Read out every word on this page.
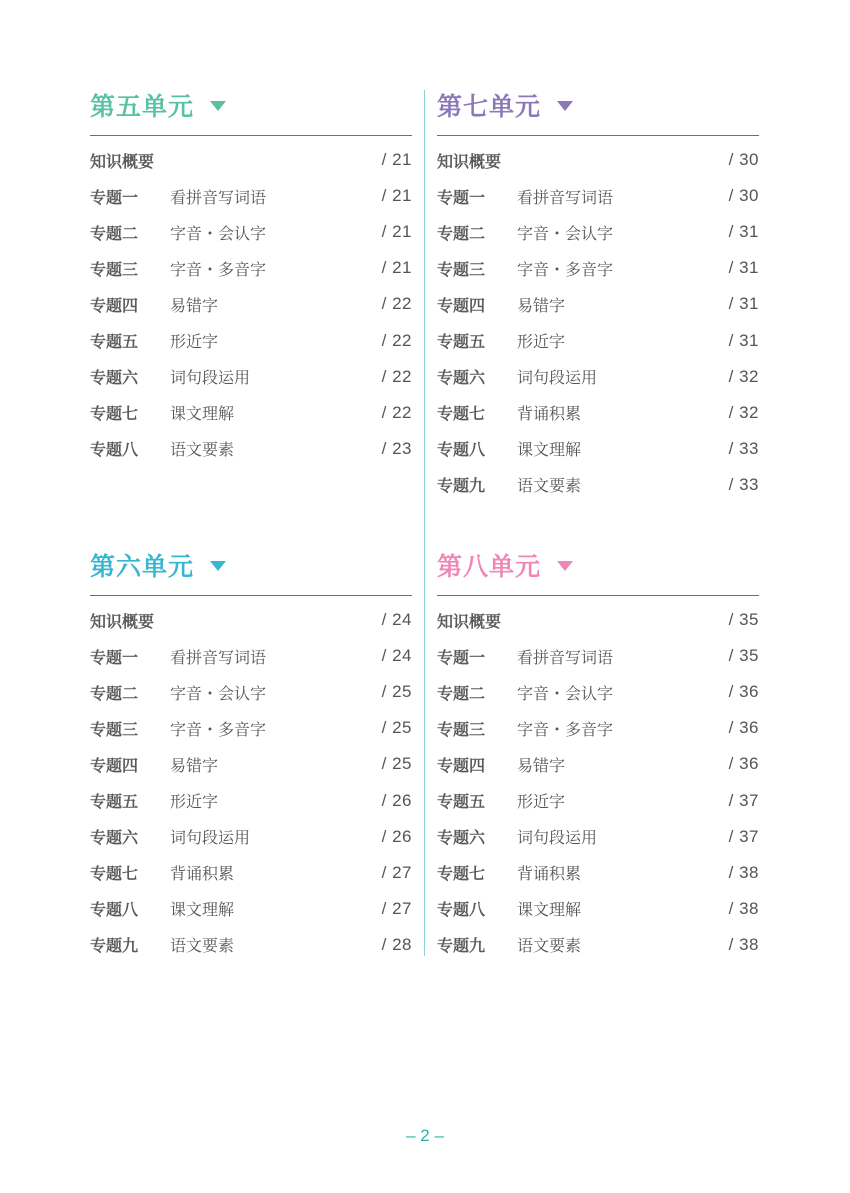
第五单元
知识概要	/ 21
专题一	看拼音写词语	/ 21
专题二	字音・会认字	/ 21
专题三	字音・多音字	/ 21
专题四	易错字	/ 22
专题五	形近字	/ 22
专题六	词句段运用	/ 22
专题七	课文理解	/ 22
专题八	语文要素	/ 23
第七单元
知识概要	/ 30
专题一	看拼音写词语	/ 30
专题二	字音・会认字	/ 31
专题三	字音・多音字	/ 31
专题四	易错字	/ 31
专题五	形近字	/ 31
专题六	词句段运用	/ 32
专题七	背诵积累	/ 32
专题八	课文理解	/ 33
专题九	语文要素	/ 33
第六单元
知识概要	/ 24
专题一	看拼音写词语	/ 24
专题二	字音・会认字	/ 25
专题三	字音・多音字	/ 25
专题四	易错字	/ 25
专题五	形近字	/ 26
专题六	词句段运用	/ 26
专题七	背诵积累	/ 27
专题八	课文理解	/ 27
专题九	语文要素	/ 28
第八单元
知识概要	/ 35
专题一	看拼音写词语	/ 35
专题二	字音・会认字	/ 36
专题三	字音・多音字	/ 36
专题四	易错字	/ 36
专题五	形近字	/ 37
专题六	词句段运用	/ 37
专题七	背诵积累	/ 38
专题八	课文理解	/ 38
专题九	语文要素	/ 38
– 2 –
